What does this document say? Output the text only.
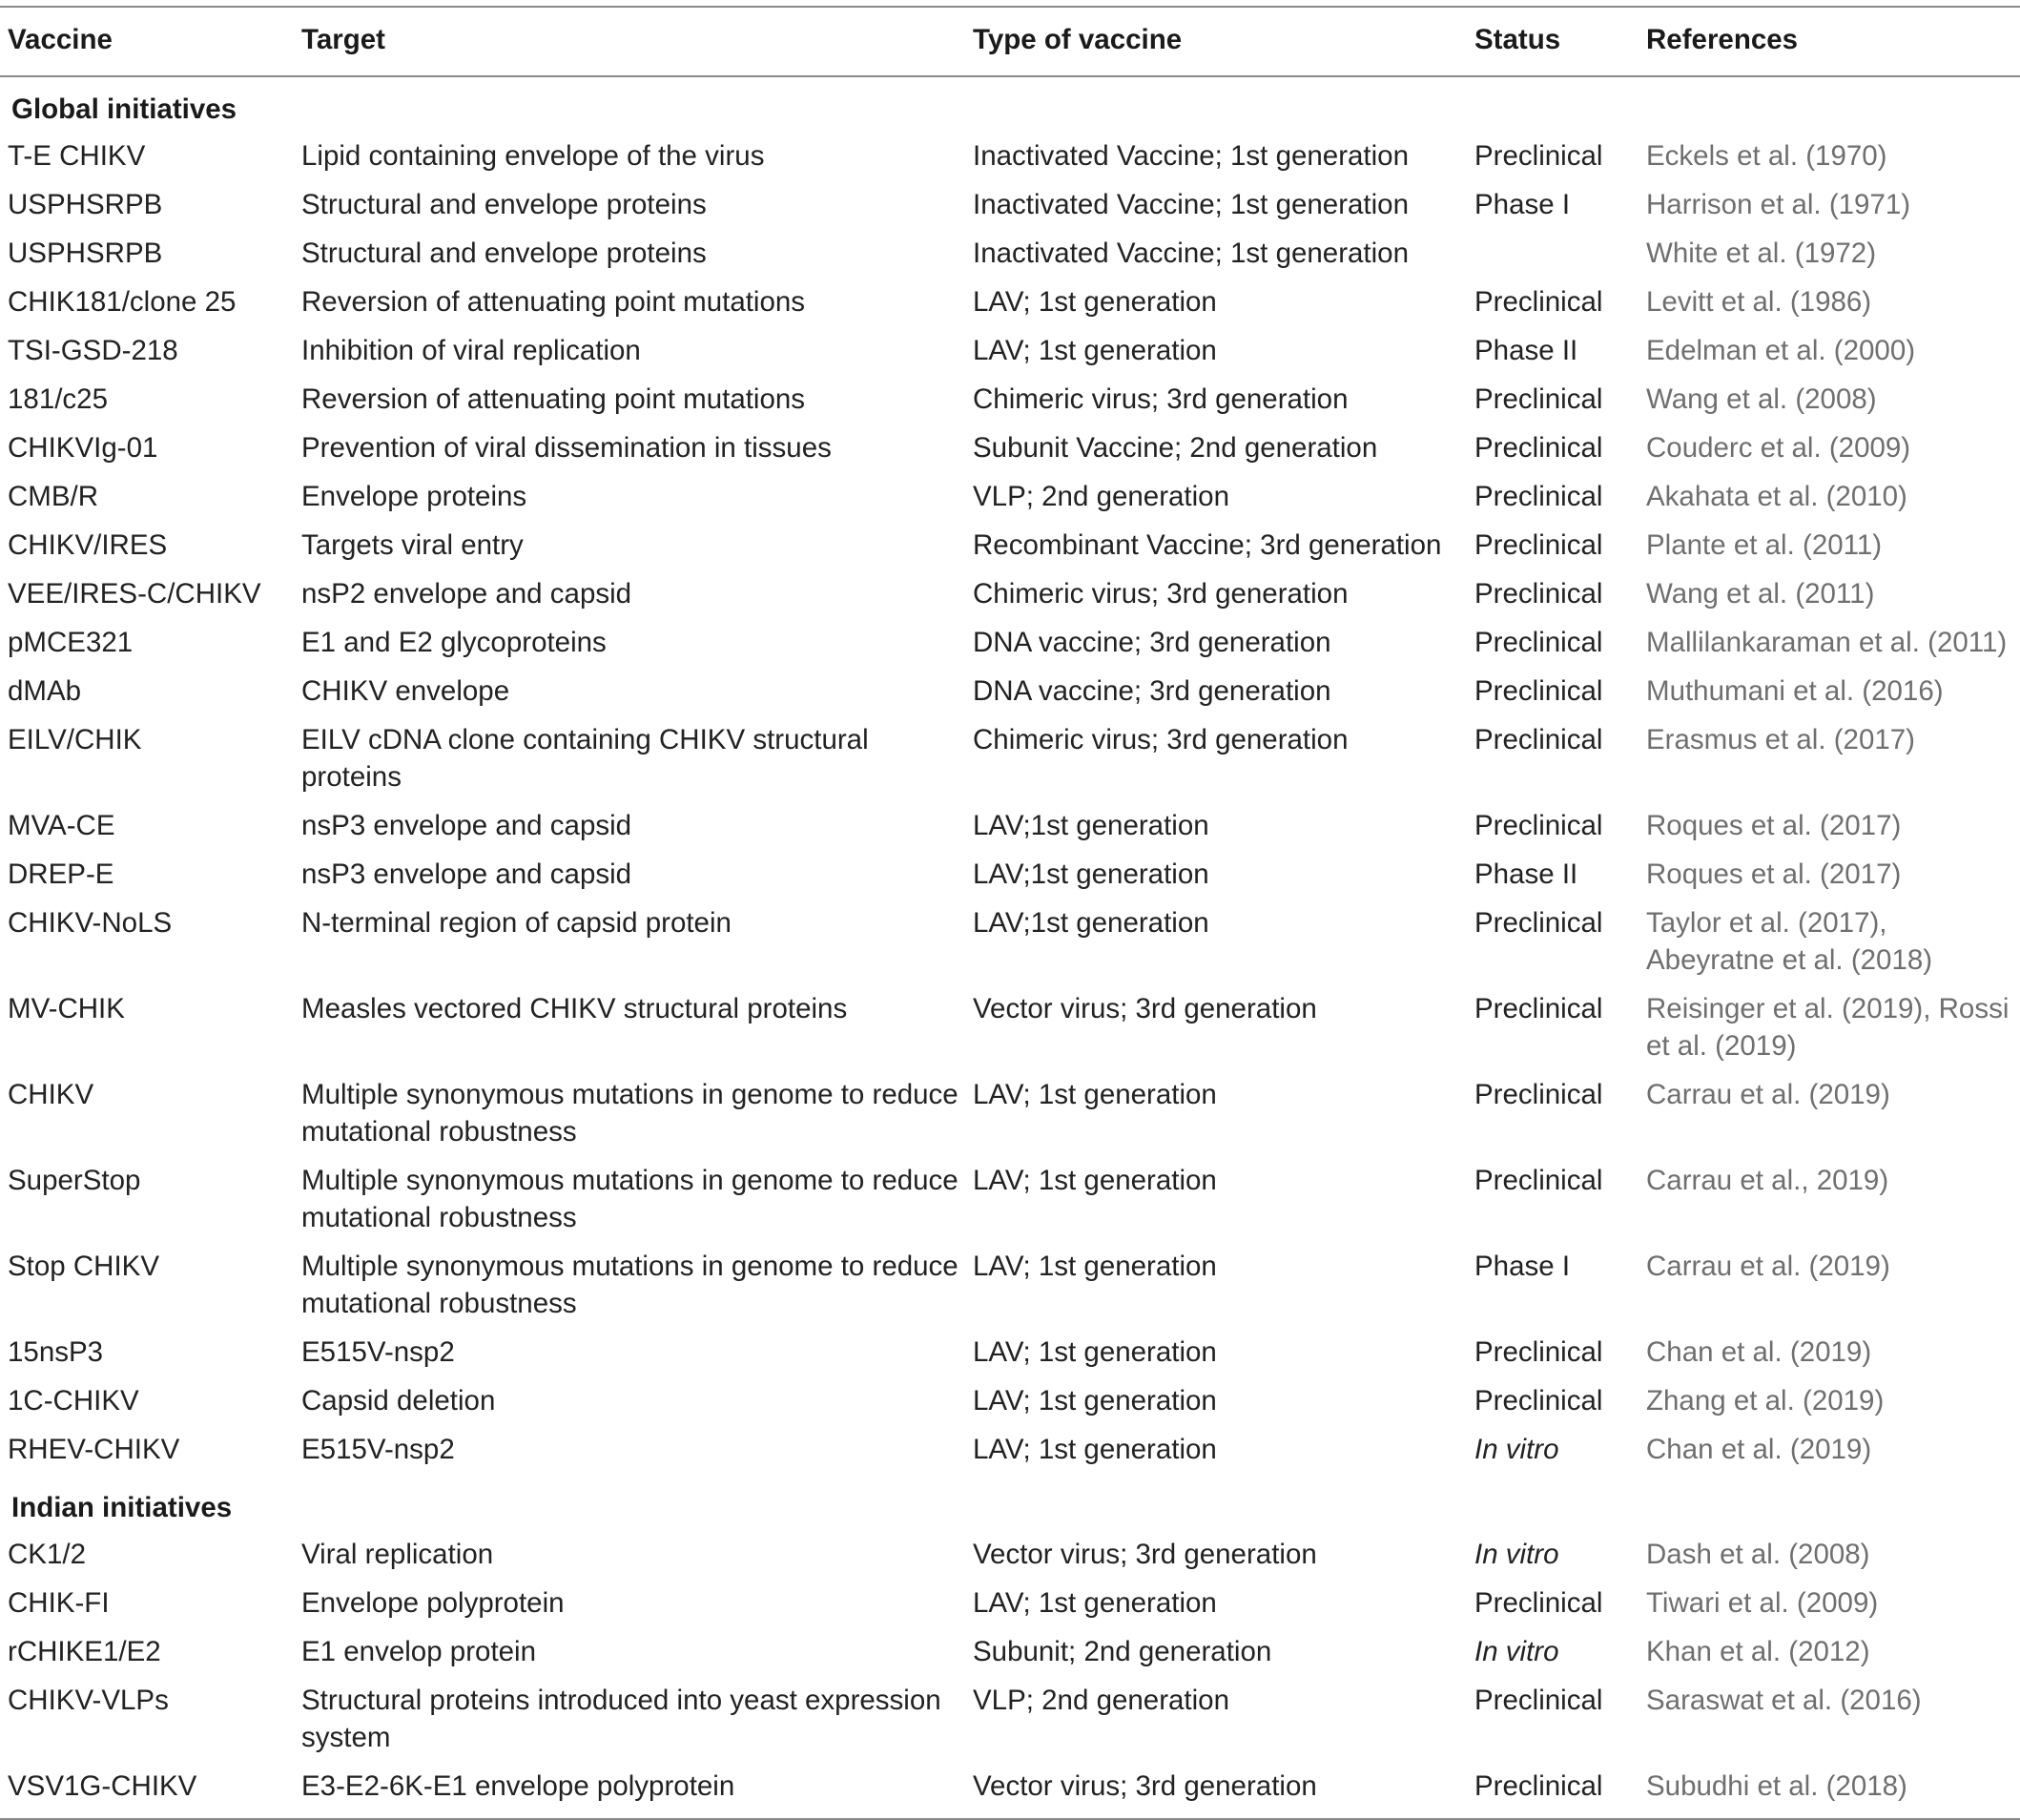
Vaccine	Target	Type of vaccine	Status	References
Global initiatives				
T-E CHIKV	Lipid containing envelope of the virus	Inactivated Vaccine; 1st generation	Preclinical	Eckels et al. (1970)
USPHSRPB	Structural and envelope proteins	Inactivated Vaccine; 1st generation	Phase I	Harrison et al. (1971)
USPHSRPB	Structural and envelope proteins	Inactivated Vaccine; 1st generation		White et al. (1972)
CHIK181/clone 25	Reversion of attenuating point mutations	LAV; 1st generation	Preclinical	Levitt et al. (1986)
TSI-GSD-218	Inhibition of viral replication	LAV; 1st generation	Phase II	Edelman et al. (2000)
181/c25	Reversion of attenuating point mutations	Chimeric virus; 3rd generation	Preclinical	Wang et al. (2008)
CHIKVIg-01	Prevention of viral dissemination in tissues	Subunit Vaccine; 2nd generation	Preclinical	Couderc et al. (2009)
CMB/R	Envelope proteins	VLP; 2nd generation	Preclinical	Akahata et al. (2010)
CHIKV/IRES	Targets viral entry	Recombinant Vaccine; 3rd generation	Preclinical	Plante et al. (2011)
VEE/IRES-C/CHIKV	nsP2 envelope and capsid	Chimeric virus; 3rd generation	Preclinical	Wang et al. (2011)
pMCE321	E1 and E2 glycoproteins	DNA vaccine; 3rd generation	Preclinical	Mallilankaraman et al. (2011)
dMAb	CHIKV envelope	DNA vaccine; 3rd generation	Preclinical	Muthumani et al. (2016)
EILV/CHIK	EILV cDNA clone containing CHIKV structural proteins	Chimeric virus; 3rd generation	Preclinical	Erasmus et al. (2017)
MVA-CE	nsP3 envelope and capsid	LAV;1st generation	Preclinical	Roques et al. (2017)
DREP-E	nsP3 envelope and capsid	LAV;1st generation	Phase II	Roques et al. (2017)
CHIKV-NoLS	N-terminal region of capsid protein	LAV;1st generation	Preclinical	Taylor et al. (2017), Abeyratne et al. (2018)
MV-CHIK	Measles vectored CHIKV structural proteins	Vector virus; 3rd generation	Preclinical	Reisinger et al. (2019), Rossi et al. (2019)
CHIKV	Multiple synonymous mutations in genome to reduce mutational robustness	LAV; 1st generation	Preclinical	Carrau et al. (2019)
SuperStop	Multiple synonymous mutations in genome to reduce mutational robustness	LAV; 1st generation	Preclinical	Carrau et al., 2019)
Stop CHIKV	Multiple synonymous mutations in genome to reduce mutational robustness	LAV; 1st generation	Phase I	Carrau et al. (2019)
15nsP3	E515V-nsp2	LAV; 1st generation	Preclinical	Chan et al. (2019)
1C-CHIKV	Capsid deletion	LAV; 1st generation	Preclinical	Zhang et al. (2019)
RHEV-CHIKV	E515V-nsp2	LAV; 1st generation	In vitro	Chan et al. (2019)
Indian initiatives				
CK1/2	Viral replication	Vector virus; 3rd generation	In vitro	Dash et al. (2008)
CHIK-FI	Envelope polyprotein	LAV; 1st generation	Preclinical	Tiwari et al. (2009)
rCHIKE1/E2	E1 envelop protein	Subunit; 2nd generation	In vitro	Khan et al. (2012)
CHIKV-VLPs	Structural proteins introduced into yeast expression system	VLP; 2nd generation	Preclinical	Saraswat et al. (2016)
VSV1G-CHIKV	E3-E2-6K-E1 envelope polyprotein	Vector virus; 3rd generation	Preclinical	Subudhi et al. (2018)
